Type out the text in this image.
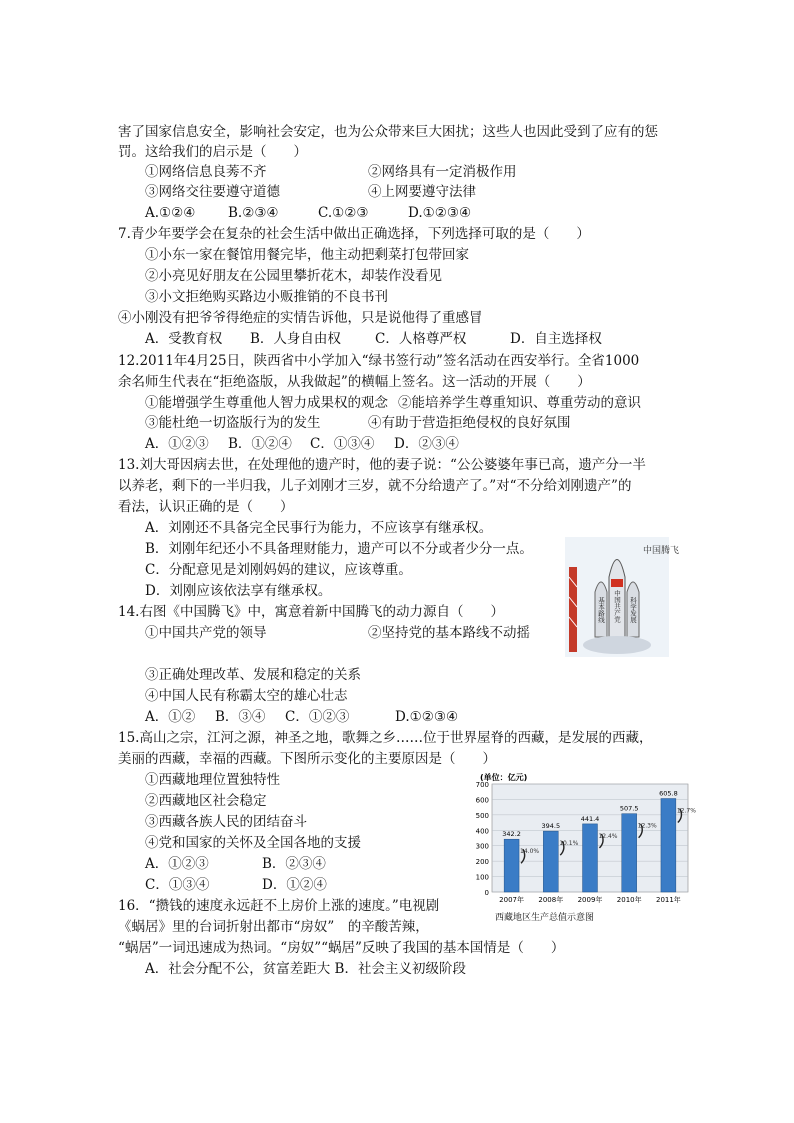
害了国家信息安全，影响社会安定，也为公众带来巨大困扰；这些人也因此受到了应有的惩
罚。这给我们的启示是（　　）
①网络信息良莠不齐	②网络具有一定消极作用
③网络交往要遵守道德	④上网要遵守法律
A.①②④ B.②③④	C.①②③	D.①②③④
7.青少年要学会在复杂的社会生活中做出正确选择，下列选择可取的是（　　）
①小东一家在餐馆用餐完毕，他主动把剩菜打包带回家
②小亮见好朋友在公园里攀折花木，却装作没看见
③小文拒绝购买路边小贩推销的不良书刊
④小刚没有把爷爷得绝症的实情告诉他，只是说他得了重感冒
A．受教育权 B．人身自由权	C．人格尊严权	D．自主选择权
12.2011年4月25日，陕西省中小学加入“绿书签行动”签名活动在西安举行。全省1000
余名师生代表在“拒绝盗版，从我做起”的横幅上签名。这一活动的开展（　　）
①能增强学生尊重他人智力成果权的观念 ②能培养学生尊重知识、尊重劳动的意识
③能杜绝一切盗版行为的发生	④有助于营造拒绝侵权的良好氛围
A．①②③ B．①②④ C．①③④ D．②③④
13.刘大哥因病去世，在处理他的遗产时，他的妻子说：“公公婆婆年事已高，遗产分一半
以养老，剩下的一半归我，儿子刘刚才三岁，就不分给遗产了。”对“不分给刘刚遗产”的
看法，认识正确的是（　　）
A．刘刚还不具备完全民事行为能力，不应该享有继承权。
B．刘刚年纪还小不具备理财能力，遗产可以不分或者少分一点。
C．分配意见是刘刚妈妈的建议，应该尊重。
D．刘刚应该依法享有继承权。
14.右图《中国腾飞》中，寓意着新中国腾飞的动力源自（　　）
①中国共产党的领导	②坚持党的基本路线不动摇
③正确处理改革、发展和稳定的关系
④中国人民有称霸太空的雄心壮志
A．①② B．③④ C．①②③	D.①②③④
中国腾飞
基本路线 中国共产党 科学发展
15.高山之宗，江河之源，神圣之地，歌舞之乡……位于世界屋脊的西藏，是发展的西藏，
美丽的西藏，幸福的西藏。下图所示变化的主要原因是（　　）
①西藏地理位置独特性
②西藏地区社会稳定
③西藏各族人民的团结奋斗
④党和国家的关怀及全国各地的支援
A．①②③	B．②③④
C．①③④	D．①②④
(单位：亿元)
0
100
200
300
400
500
600
700
342.2
14.0%
2007年
394.5
10.1%
2008年
441.4
12.4%
2009年
507.5
12.3%
2010年
605.8
12.7%
2011年
西藏地区生产总值示意图
16．“攒钱的速度永远赶不上房价上涨的速度。”电视剧
《蜗居》里的台词折射出都市“房奴”　的辛酸苦辣，
“蜗居”一词迅速成为热词。“房奴”“蜗居”反映了我国的基本国情是（　　）
A．社会分配不公，贫富差距大 B．社会主义初级阶段
